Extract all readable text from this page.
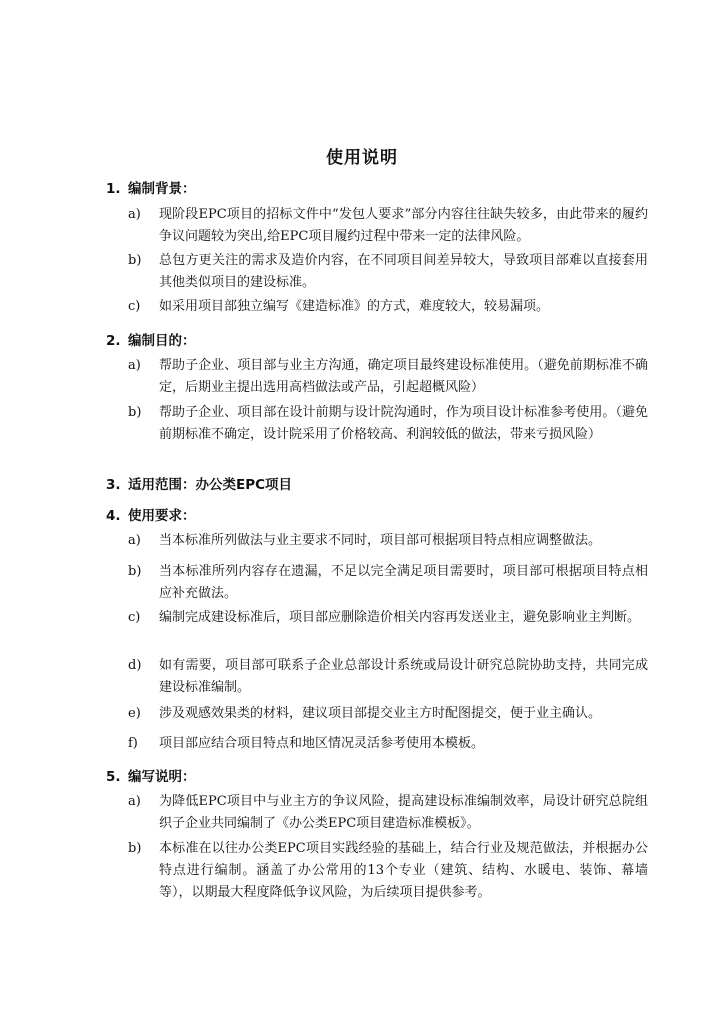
使用说明
1. 编制背景：
a)	现阶段EPC项目的招标文件中“发包人要求”部分内容往往缺失较多，由此带来的履约争议问题较为突出,给EPC项目履约过程中带来一定的法律风险。
b)	总包方更关注的需求及造价内容，在不同项目间差异较大，导致项目部难以直接套用其他类似项目的建设标准。
c)	如采用项目部独立编写《建造标准》的方式，难度较大，较易漏项。
2. 编制目的：
a)	帮助子企业、项目部与业主方沟通，确定项目最终建设标准使用。（避免前期标准不确定，后期业主提出选用高档做法或产品，引起超概风险）
b)	帮助子企业、项目部在设计前期与设计院沟通时，作为项目设计标准参考使用。（避免前期标准不确定，设计院采用了价格较高、利润较低的做法，带来亏损风险）
3. 适用范围：办公类EPC项目
4. 使用要求：
a)	当本标准所列做法与业主要求不同时，项目部可根据项目特点相应调整做法。
b)	当本标准所列内容存在遗漏，不足以完全满足项目需要时，项目部可根据项目特点相应补充做法。
c)	编制完成建设标准后，项目部应删除造价相关内容再发送业主，避免影响业主判断。
d)	如有需要，项目部可联系子企业总部设计系统或局设计研究总院协助支持，共同完成建设标准编制。
e)	涉及观感效果类的材料，建议项目部提交业主方时配图提交，便于业主确认。
f)	项目部应结合项目特点和地区情况灵活参考使用本模板。
5. 编写说明：
a)	为降低EPC项目中与业主方的争议风险，提高建设标准编制效率，局设计研究总院组织子企业共同编制了《办公类EPC项目建造标准模板》。
b)	本标准在以往办公类EPC项目实践经验的基础上，结合行业及规范做法，并根据办公特点进行编制。涵盖了办公常用的13个专业（建筑、结构、水暖电、装饰、幕墙等），以期最大程度降低争议风险，为后续项目提供参考。
